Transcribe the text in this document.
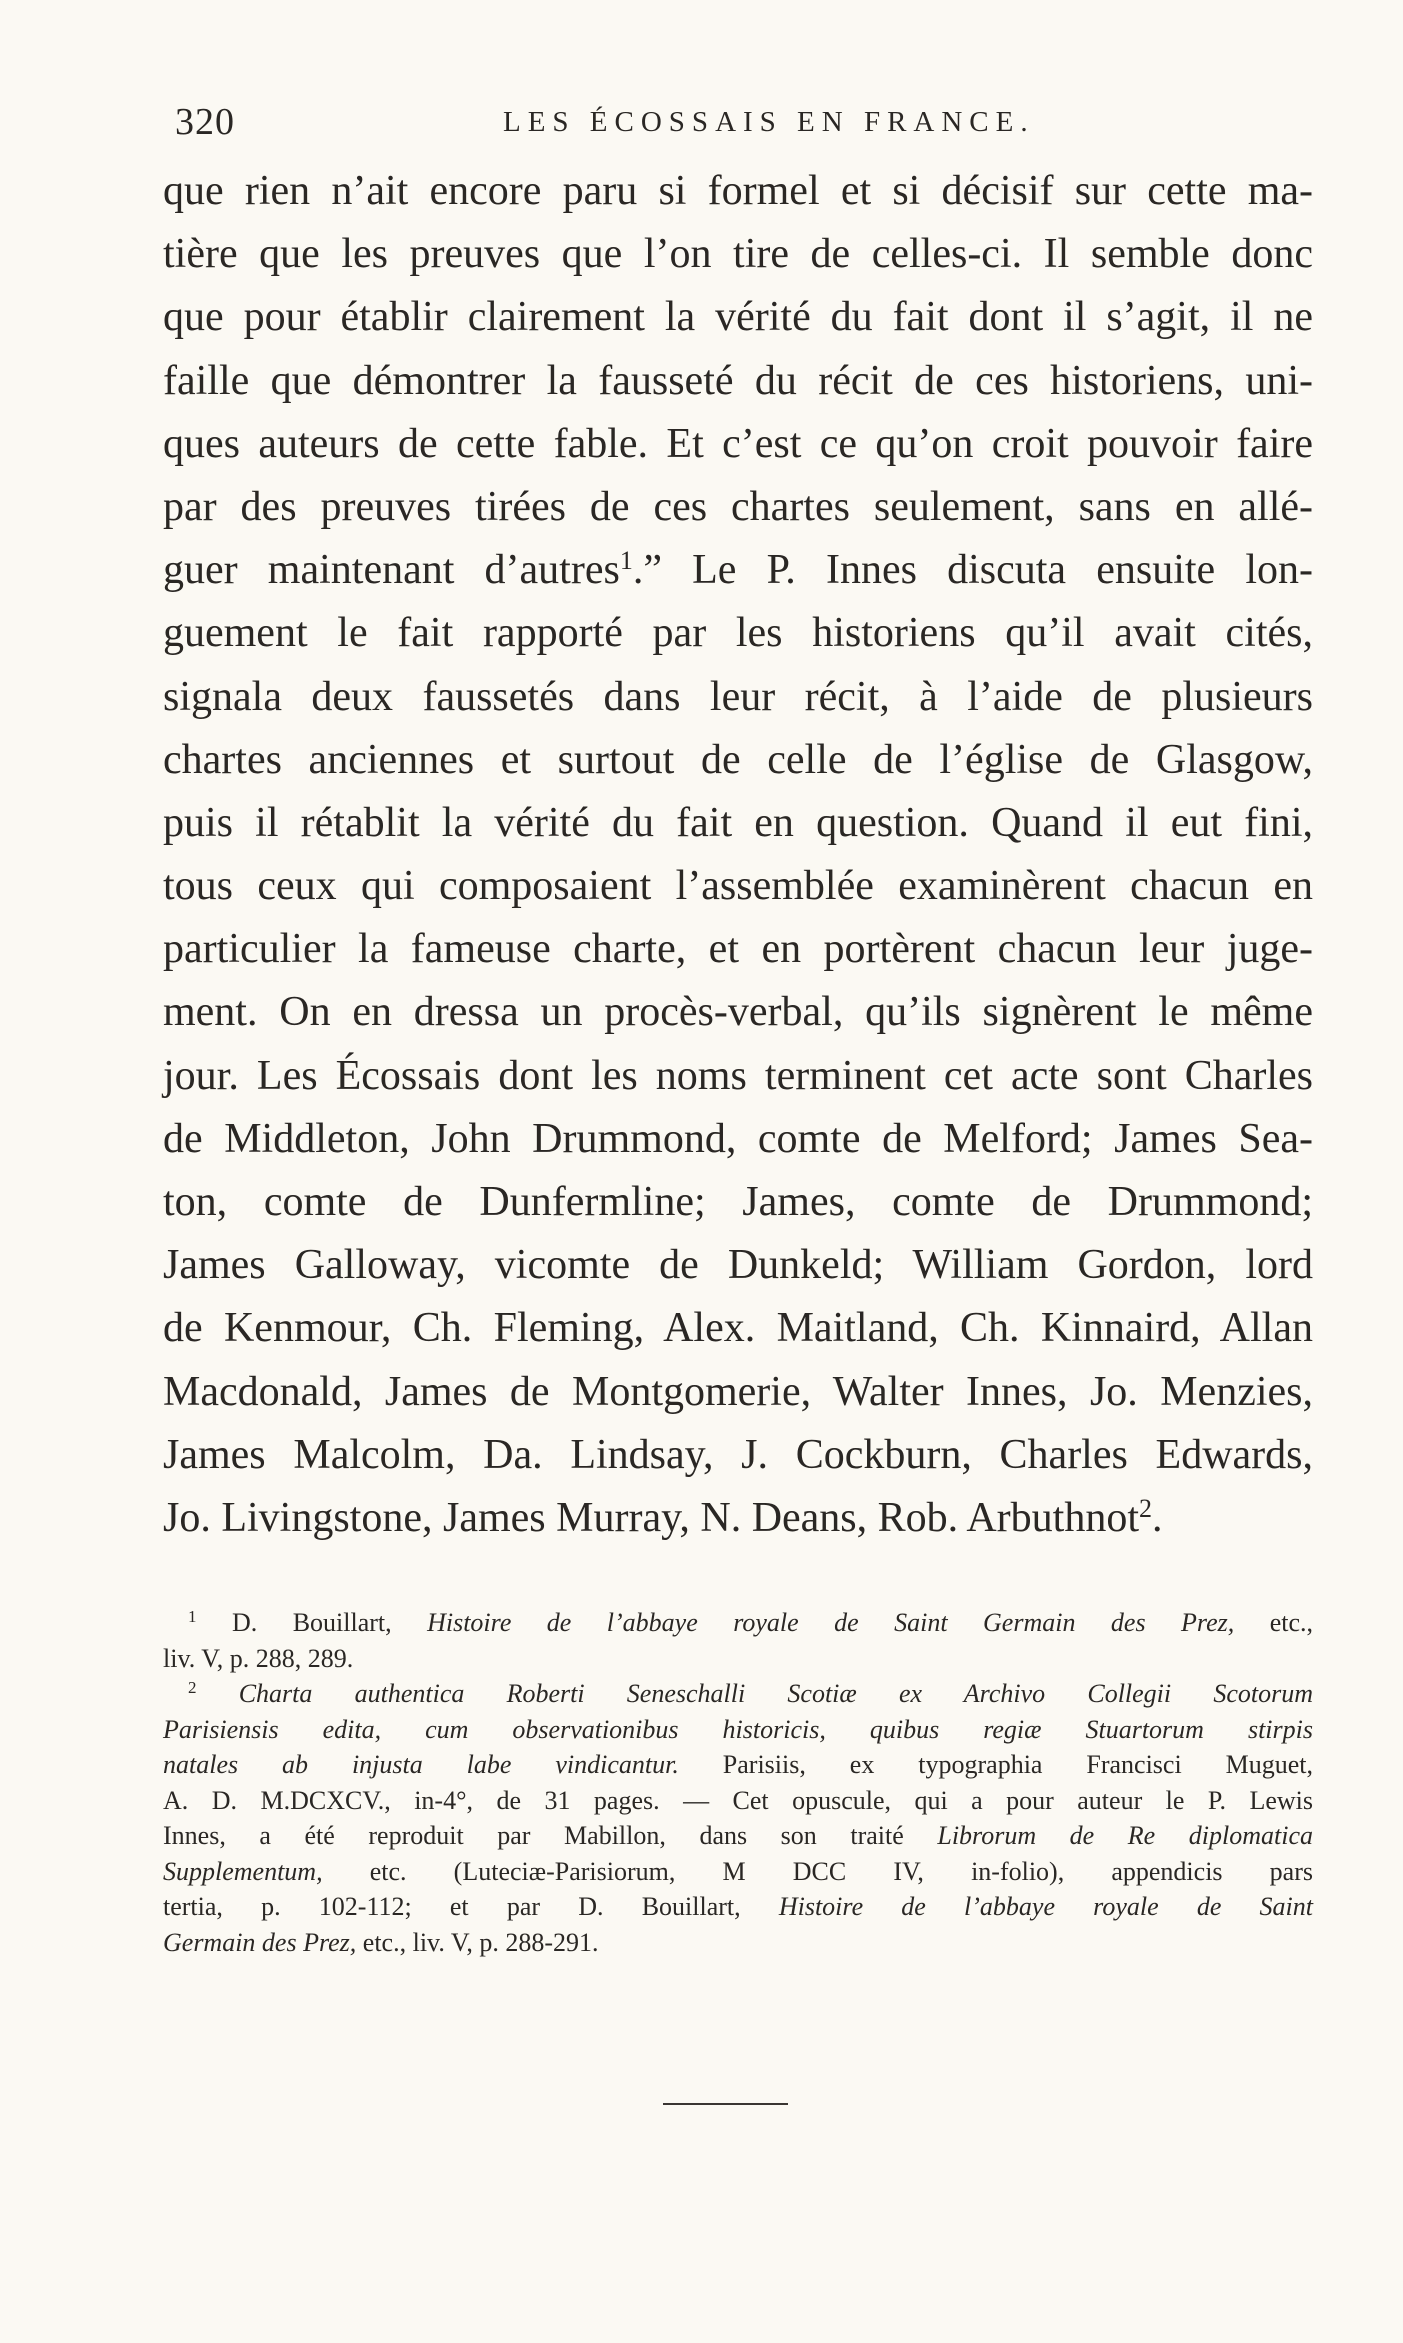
320	LES ÉCOSSAIS EN FRANCE.
que rien n’ait encore paru si formel et si décisif sur cette ma-
tière que les preuves que l’on tire de celles-ci. Il semble donc
que pour établir clairement la vérité du fait dont il s’agit, il ne
faille que démontrer la fausseté du récit de ces historiens, uni-
ques auteurs de cette fable. Et c’est ce qu’on croit pouvoir faire
par des preuves tirées de ces chartes seulement, sans en allé-
guer maintenant d’autres$^1$.” Le P. Innes discuta ensuite lon-
guement le fait rapporté par les historiens qu’il avait cités,
signala deux faussetés dans leur récit, à l’aide de plusieurs
chartes anciennes et surtout de celle de l’église de Glasgow,
puis il rétablit la vérité du fait en question. Quand il eut fini,
tous ceux qui composaient l’assemblée examinèrent chacun en
particulier la fameuse charte, et en portèrent chacun leur juge-
ment. On en dressa un procès-verbal, qu’ils signèrent le même
jour. Les Écossais dont les noms terminent cet acte sont Charles
de Middleton, John Drummond, comte de Melford; James Sea-
ton, comte de Dunfermline; James, comte de Drummond;
James Galloway, vicomte de Dunkeld; William Gordon, lord
de Kenmour, Ch. Fleming, Alex. Maitland, Ch. Kinnaird, Allan
Macdonald, James de Montgomerie, Walter Innes, Jo. Menzies,
James Malcolm, Da. Lindsay, J. Cockburn, Charles Edwards,
Jo. Livingstone, James Murray, N. Deans, Rob. Arbuthnot$^2$.
$^1$ D. Bouillart, Histoire de l’abbaye royale de Saint Germain des Prez, etc.,
liv. V, p. 288, 289.
$^2$ Charta authentica Roberti Seneschalli Scotiæ ex Archivo Collegii Scotorum
Parisiensis edita, cum observationibus historicis, quibus regiæ Stuartorum stirpis
natales ab injusta labe vindicantur. Parisiis, ex typographia Francisci Muguet,
A. D. M.DCXCV., in-4°, de 31 pages. — Cet opuscule, qui a pour auteur le P. Lewis
Innes, a été reproduit par Mabillon, dans son traité Librorum de Re diplomatica
Supplementum, etc. (Luteciæ-Parisiorum, M DCC IV, in-folio), appendicis pars
tertia, p. 102-112; et par D. Bouillart, Histoire de l’abbaye royale de Saint
Germain des Prez, etc., liv. V, p. 288-291.
